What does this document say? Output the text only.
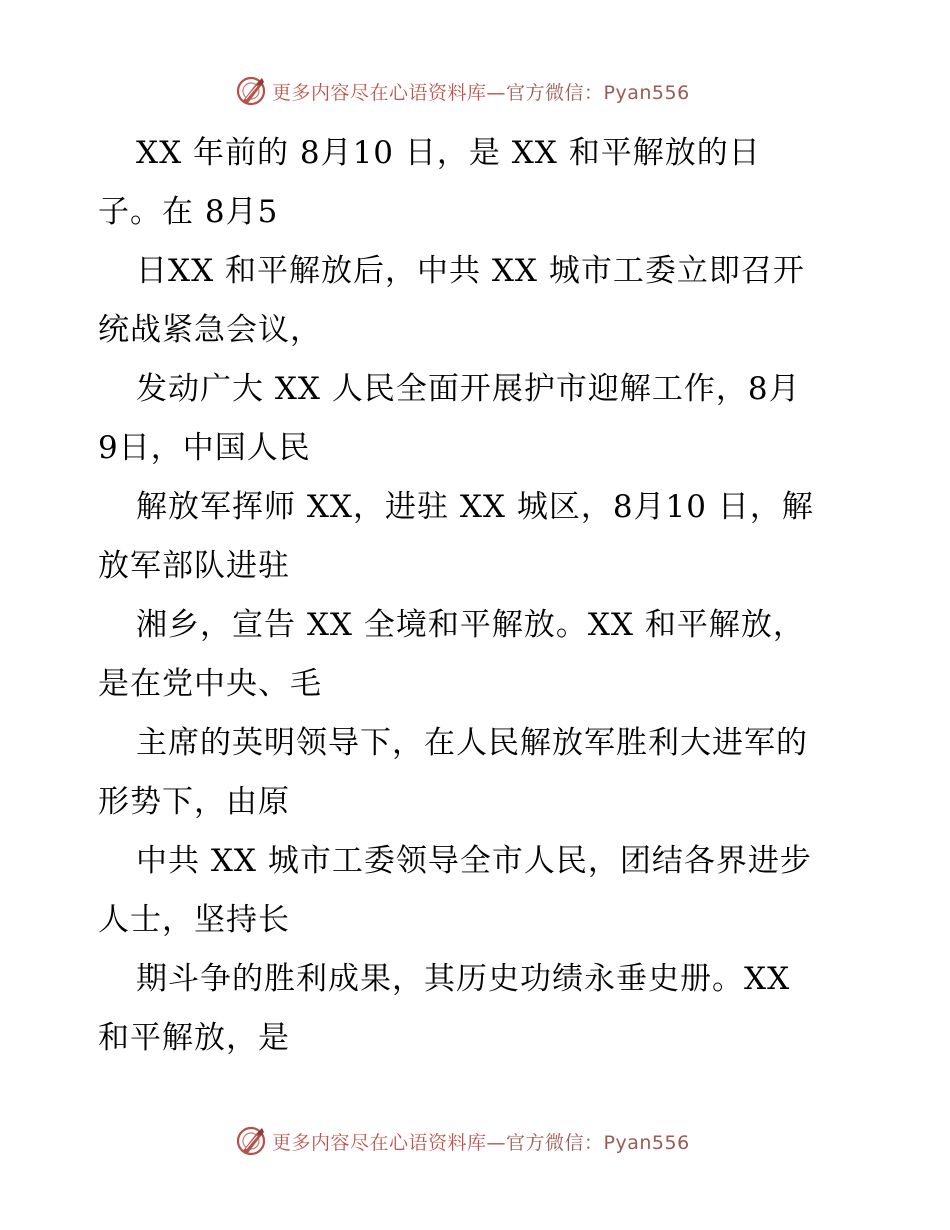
更多内容尽在心语资料库—官方微信：Pyan556
XX 年前的 8月10 日，是 XX 和平解放的日
子。在 8月5
日XX 和平解放后，中共 XX 城市工委立即召开
统战紧急会议，
发动广大 XX 人民全面开展护市迎解工作，8月
9日，中国人民
解放军挥师 XX，进驻 XX 城区，8月10 日，解
放军部队进驻
湘乡，宣告 XX 全境和平解放。XX 和平解放，
是在党中央、毛
主席的英明领导下，在人民解放军胜利大进军的
形势下，由原
中共 XX 城市工委领导全市人民，团结各界进步
人士，坚持长
期斗争的胜利成果，其历史功绩永垂史册。XX
和平解放，是
更多内容尽在心语资料库—官方微信：Pyan556
